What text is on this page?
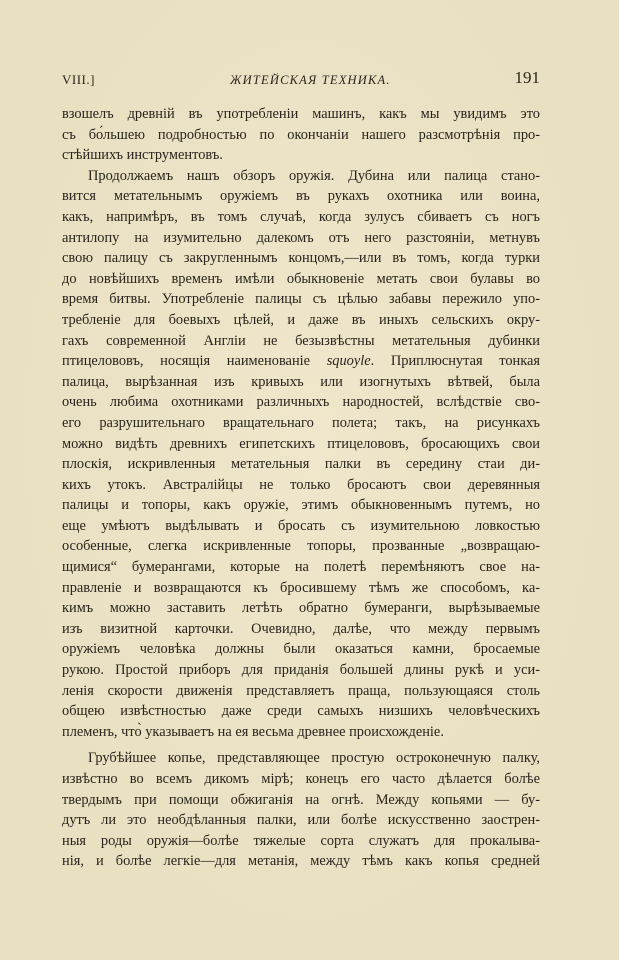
VIII.]	ЖИТЕЙСКАЯ ТЕХНИКА.	191
взошелъ древній въ употребленіи машинъ, какъ мы увидимъ это
съ бо́льшею подробностью по окончаніи нашего разсмотрѣнія про-
стѣйшихъ инструментовъ.
Продолжаемъ нашъ обзоръ оружія. Дубина или палица стано-
вится метательнымъ оружіемъ въ рукахъ охотника или воина,
какъ, напримѣръ, въ томъ случаѣ, когда зулусъ сбиваетъ съ ногъ
антилопу на изумительно далекомъ отъ него разстояніи, метнувъ
свою палицу съ закругленнымъ концомъ,—или въ томъ, когда турки
до новѣйшихъ временъ имѣли обыкновеніе метать свои булавы во
время битвы. Употребленіе палицы съ цѣлью забавы пережило упо-
требленіе для боевыхъ цѣлей, и даже въ иныхъ сельскихъ окру-
гахъ современной Англіи не безызвѣстны метательныя дубинки
птицелововъ, носящія наименованіе squoyle. Приплюснутая тонкая
палица, вырѣзанная изъ кривыхъ или изогнутыхъ вѣтвей, была
очень любима охотниками различныхъ народностей, вслѣдствіе сво-
его разрушительнаго вращательнаго полета; такъ, на рисункахъ
можно видѣть древнихъ египетскихъ птицелововъ, бросающихъ свои
плоскія, искривленныя метательныя палки въ середину стаи ди-
кихъ утокъ. Австралійцы не только бросаютъ свои деревянныя
палицы и топоры, какъ оружіе, этимъ обыкновеннымъ путемъ, но
еще умѣютъ выдѣлывать и бросать съ изумительною ловкостью
особенные, слегка искривленные топоры, прозванные „возвращаю-
щимися“ бумерангами, которые на полетѣ перемѣняютъ свое на-
правленіе и возвращаются къ бросившему тѣмъ же способомъ, ка-
кимъ можно заставить летѣть обратно бумеранги, вырѣзываемые
изъ визитной карточки. Очевидно, далѣе, что между первымъ
оружіемъ человѣка должны были оказаться камни, бросаемые
рукою. Простой приборъ для приданія большей длины рукѣ и уси-
ленія скорости движенія представляетъ праща, пользующаяся столь
общею извѣстностью даже среди самыхъ низшихъ человѣческихъ
племенъ, что̀ указываетъ на ея весьма древнее происхожденіе.
Грубѣйшее копье, представляющее простую остроконечную палку,
извѣстно во всемъ дикомъ мірѣ; конецъ его часто дѣлается болѣе
твердымъ при помощи обжиганія на огнѣ. Между копьями — бу-
дутъ ли это необдѣланныя палки, или болѣе искусственно заострен-
ныя роды оружія—болѣе тяжелые сорта служатъ для прокалыва-
нія, и болѣе легкіе—для метанія, между тѣмъ какъ копья средней
